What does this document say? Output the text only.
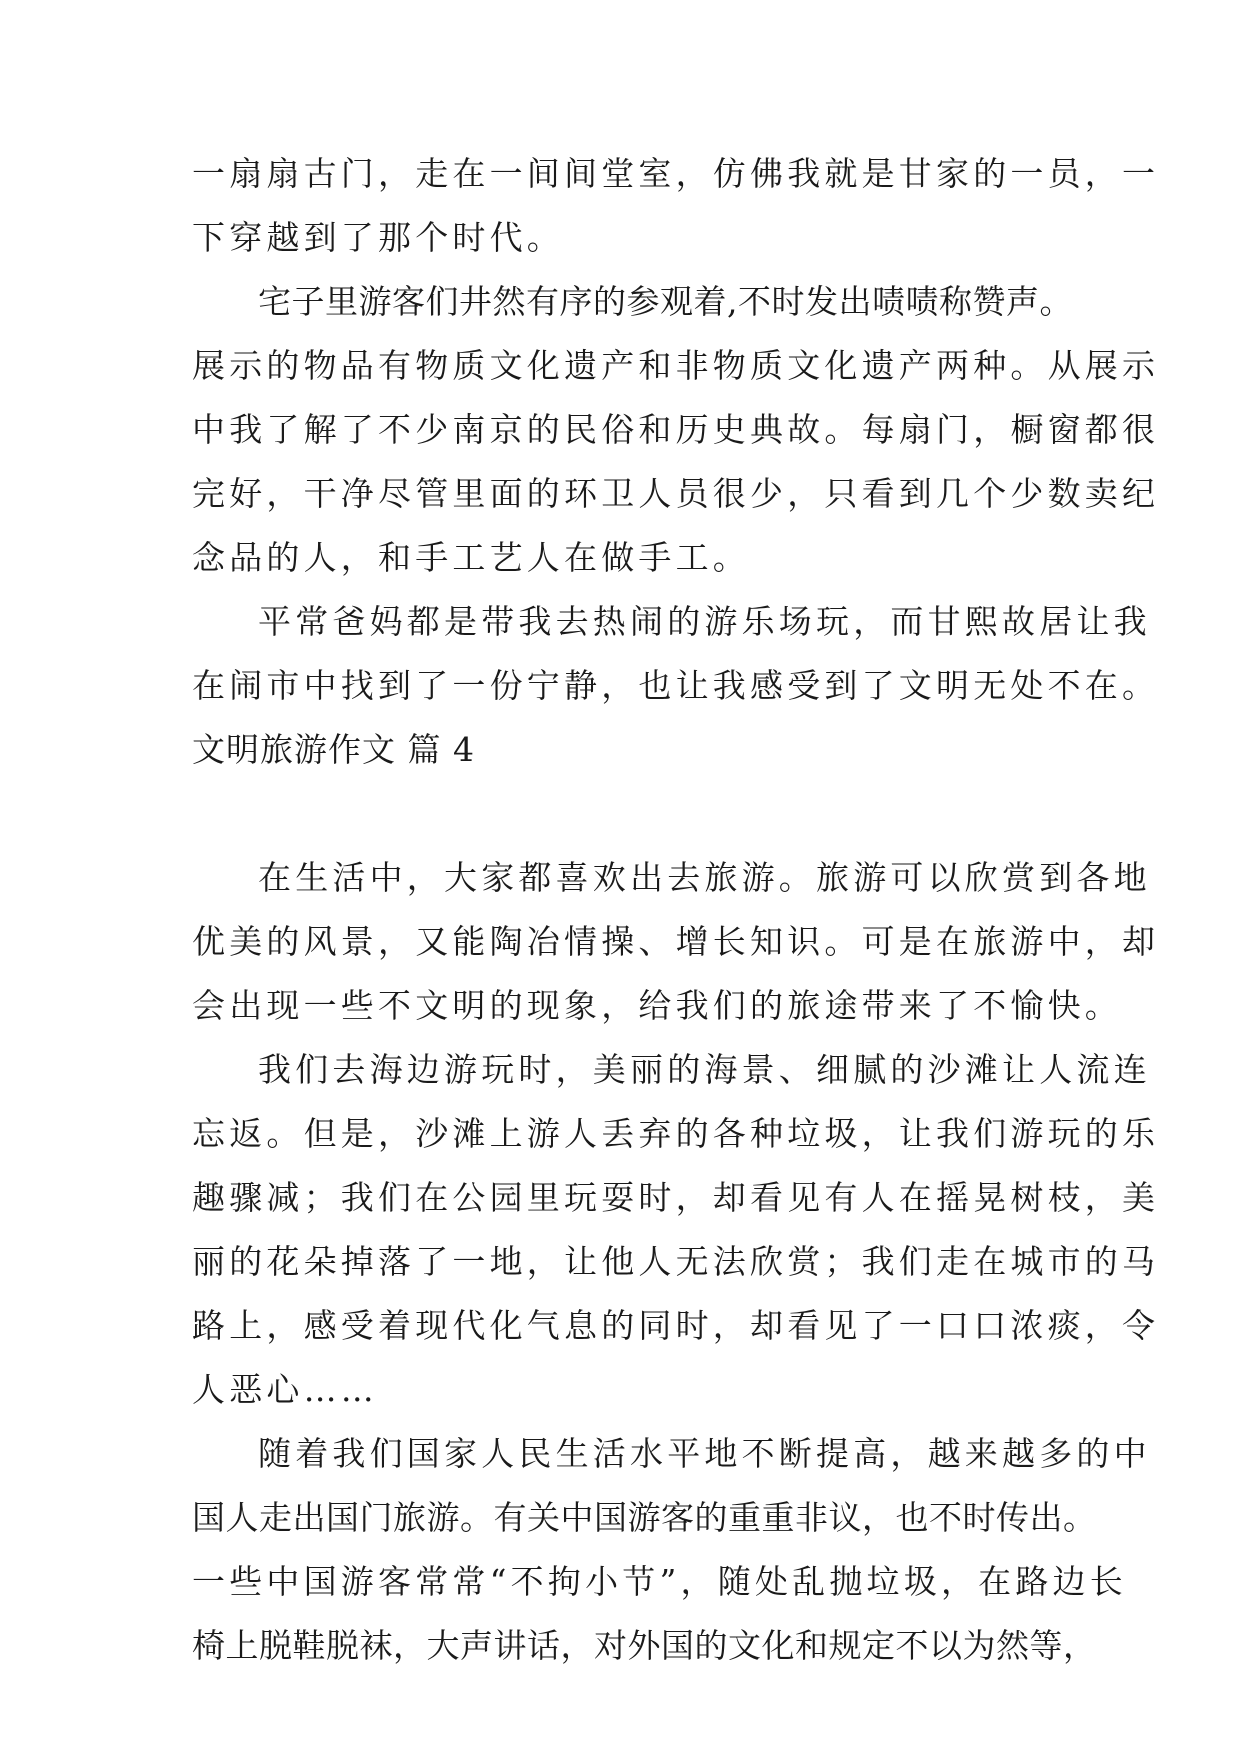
一扇扇古门，走在一间间堂室，仿佛我就是甘家的一员，一
下穿越到了那个时代。
宅子里游客们井然有序的参观着,不时发出啧啧称赞声。
展示的物品有物质文化遗产和非物质文化遗产两种。从展示
中我了解了不少南京的民俗和历史典故。每扇门，橱窗都很
完好，干净尽管里面的环卫人员很少，只看到几个少数卖纪
念品的人，和手工艺人在做手工。
平常爸妈都是带我去热闹的游乐场玩，而甘熙故居让我
在闹市中找到了一份宁静，也让我感受到了文明无处不在。
文明旅游作文 篇 4
在生活中，大家都喜欢出去旅游。旅游可以欣赏到各地
优美的风景，又能陶冶情操、增长知识。可是在旅游中，却
会出现一些不文明的现象，给我们的旅途带来了不愉快。
我们去海边游玩时，美丽的海景、细腻的沙滩让人流连
忘返。但是，沙滩上游人丢弃的各种垃圾，让我们游玩的乐
趣骤减；我们在公园里玩耍时，却看见有人在摇晃树枝，美
丽的花朵掉落了一地，让他人无法欣赏；我们走在城市的马
路上，感受着现代化气息的同时，却看见了一口口浓痰，令
人恶心……
随着我们国家人民生活水平地不断提高，越来越多的中
国人走出国门旅游。有关中国游客的重重非议，也不时传出。
一些中国游客常常“不拘小节”，随处乱抛垃圾，在路边长
椅上脱鞋脱袜，大声讲话，对外国的文化和规定不以为然等，
